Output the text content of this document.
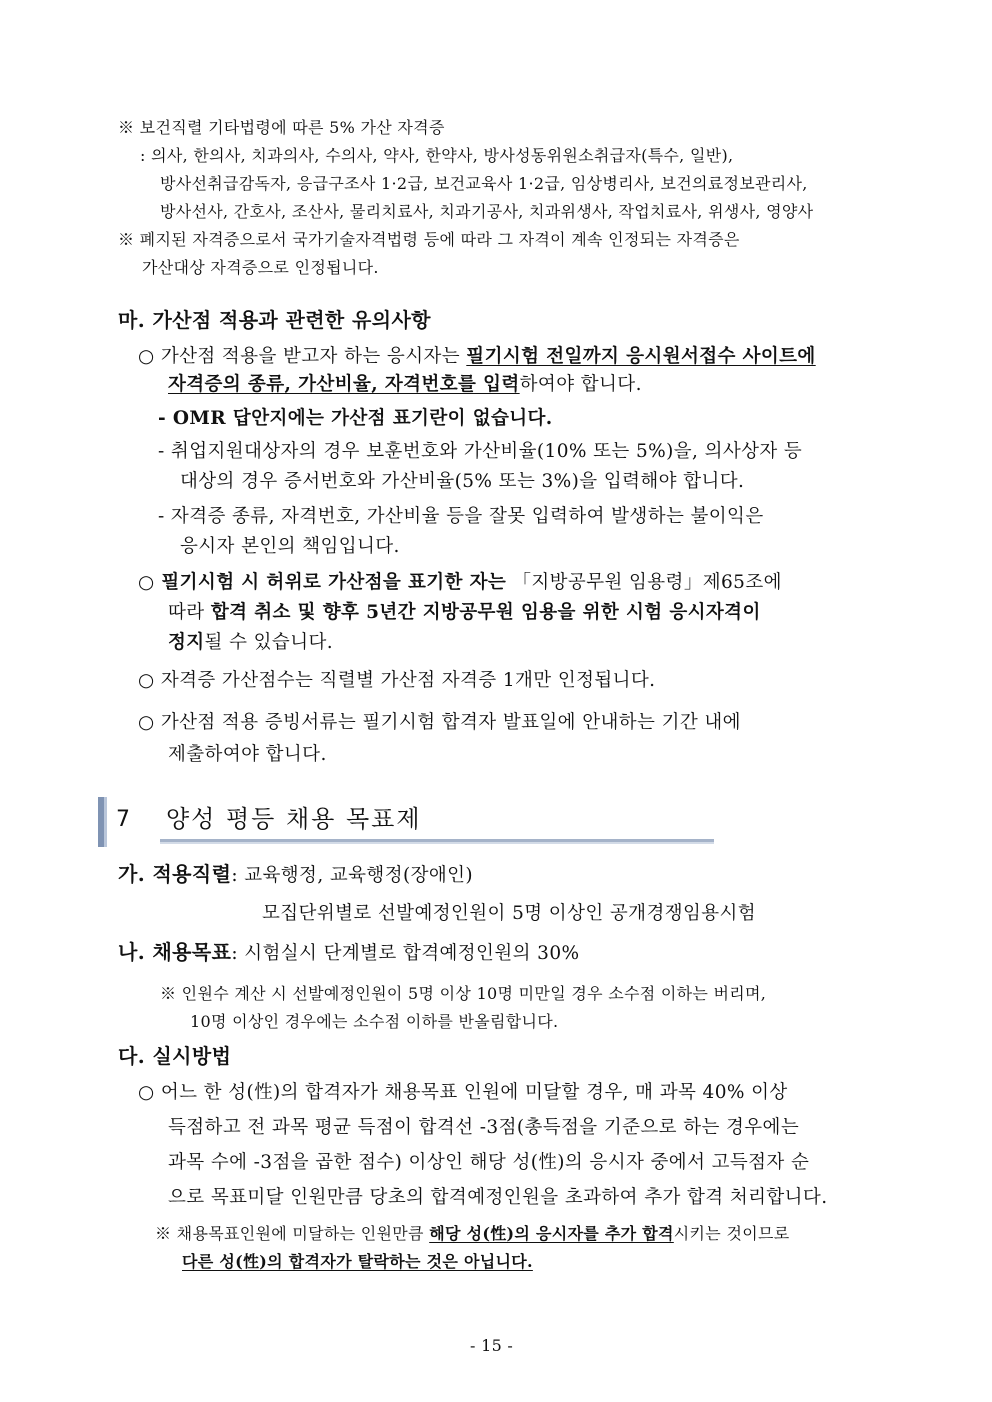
※ 보건직렬 기타법령에 따른 5% 가산 자격증
: 의사, 한의사, 치과의사, 수의사, 약사, 한약사, 방사성동위원소취급자(특수, 일반),
방사선취급감독자, 응급구조사 1·2급, 보건교육사 1·2급, 임상병리사, 보건의료정보관리사,
방사선사, 간호사, 조산사, 물리치료사, 치과기공사, 치과위생사, 작업치료사, 위생사, 영양사
※ 폐지된 자격증으로서 국가기술자격법령 등에 따라 그 자격이 계속 인정되는 자격증은
가산대상 자격증으로 인정됩니다.
마. 가산점 적용과 관련한 유의사항
○ 가산점 적용을 받고자 하는 응시자는 필기시험 전일까지 응시원서접수 사이트에
자격증의 종류, 가산비율, 자격번호를 입력하여야 합니다.
- OMR 답안지에는 가산점 표기란이 없습니다.
- 취업지원대상자의 경우 보훈번호와 가산비율(10% 또는 5%)을, 의사상자 등
대상의 경우 증서번호와 가산비율(5% 또는 3%)을 입력해야 합니다.
- 자격증 종류, 자격번호, 가산비율 등을 잘못 입력하여 발생하는 불이익은
응시자 본인의 책임입니다.
○ 필기시험 시 허위로 가산점을 표기한 자는 「지방공무원 임용령」제65조에
따라 합격 취소 및 향후 5년간 지방공무원 임용을 위한 시험 응시자격이
정지될 수 있습니다.
○ 자격증 가산점수는 직렬별 가산점 자격증 1개만 인정됩니다.
○ 가산점 적용 증빙서류는 필기시험 합격자 발표일에 안내하는 기간 내에
제출하여야 합니다.
7 양성 평등 채용 목표제
가. 적용직렬: 교육행정, 교육행정(장애인)
모집단위별로 선발예정인원이 5명 이상인 공개경쟁임용시험
나. 채용목표: 시험실시 단계별로 합격예정인원의 30%
※ 인원수 계산 시 선발예정인원이 5명 이상 10명 미만일 경우 소수점 이하는 버리며,
10명 이상인 경우에는 소수점 이하를 반올림합니다.
다. 실시방법
○ 어느 한 성(性)의 합격자가 채용목표 인원에 미달할 경우, 매 과목 40% 이상
득점하고 전 과목 평균 득점이 합격선 -3점(총득점을 기준으로 하는 경우에는
과목 수에 -3점을 곱한 점수) 이상인 해당 성(性)의 응시자 중에서 고득점자 순
으로 목표미달 인원만큼 당초의 합격예정인원을 초과하여 추가 합격 처리합니다.
※ 채용목표인원에 미달하는 인원만큼 해당 성(性)의 응시자를 추가 합격시키는 것이므로
다른 성(性)의 합격자가 탈락하는 것은 아닙니다.
- 15 -
